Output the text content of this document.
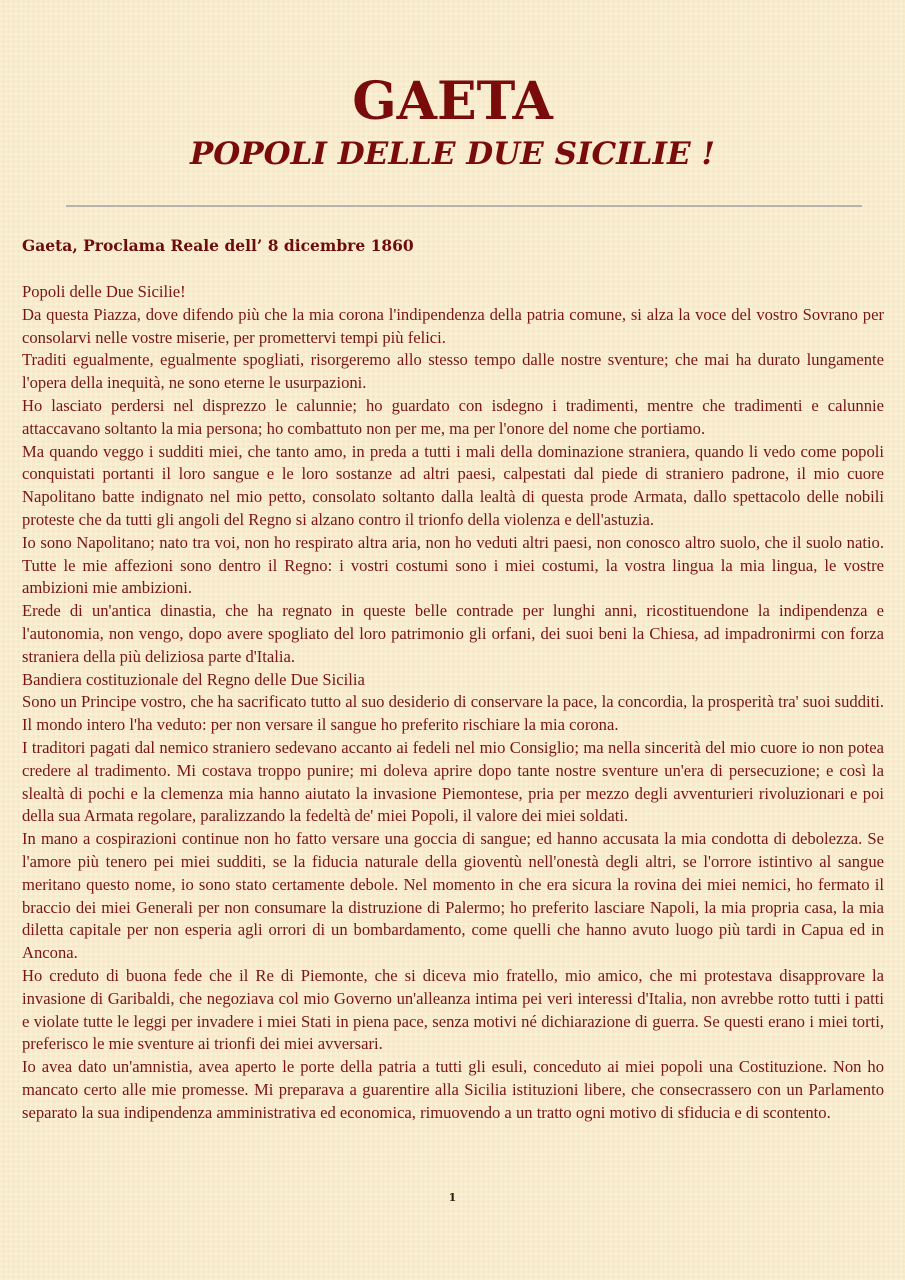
GAETA
POPOLI DELLE DUE SICILIE !
Gaeta, Proclama Reale dell’ 8 dicembre 1860

Popoli delle Due Sicilie!

Da questa Piazza, dove difendo più che la mia corona l'indipendenza della patria comune, si alza la voce del vostro Sovrano per consolarvi nelle vostre miserie, per promettervi tempi più felici.

Traditi egualmente, egualmente spogliati, risorgeremo allo stesso tempo dalle nostre sventure; che mai ha durato lungamente l'opera della inequità, ne sono eterne le usurpazioni.

Ho lasciato perdersi nel disprezzo le calunnie; ho guardato con isdegno i tradimenti, mentre che tradimenti e calunnie attaccavano soltanto la mia persona; ho combattuto non per me, ma per l'onore del nome che portiamo.

Ma quando veggo i sudditi miei, che tanto amo, in preda a tutti i mali della dominazione straniera, quando li vedo come popoli conquistati portanti il loro sangue e le loro sostanze ad altri paesi, calpestati dal piede di straniero padrone, il mio cuore Napolitano batte indignato nel mio petto, consolato soltanto dalla lealtà di questa prode Armata, dallo spettacolo delle nobili proteste che da tutti gli angoli del Regno si alzano contro il trionfo della violenza e dell'astuzia.

Io sono Napolitano; nato tra voi, non ho respirato altra aria, non ho veduti altri paesi, non conosco altro suolo, che il suolo natio. Tutte le mie affezioni sono dentro il Regno: i vostri costumi sono i miei costumi, la vostra lingua la mia lingua, le vostre ambizioni mie ambizioni.

Erede di un'antica dinastia, che ha regnato in queste belle contrade per lunghi anni, ricostituendone la indipendenza e l'autonomia, non vengo, dopo avere spogliato del loro patrimonio gli orfani, dei suoi beni la Chiesa, ad impadronirmi con forza straniera della più deliziosa parte d'Italia.

Bandiera costituzionale del Regno delle Due Sicilia

Sono un Principe vostro, che ha sacrificato tutto al suo desiderio di conservare la pace, la concordia, la prosperità tra' suoi sudditi. Il mondo intero l'ha veduto: per non versare il sangue ho preferito rischiare la mia corona.

I traditori pagati dal nemico straniero sedevano accanto ai fedeli nel mio Consiglio; ma nella sincerità del mio cuore io non potea credere al tradimento. Mi costava troppo punire; mi doleva aprire dopo tante nostre sventure un'era di persecuzione; e così la slealtà di pochi e la clemenza mia hanno aiutato la invasione Piemontese, pria per mezzo degli avventurieri rivoluzionari e poi della sua Armata regolare, paralizzando la fedeltà de' miei Popoli, il valore dei miei soldati.

In mano a cospirazioni continue non ho fatto versare una goccia di sangue; ed hanno accusata la mia condotta di debolezza. Se l'amore più tenero pei miei sudditi, se la fiducia naturale della gioventù nell'onestà degli altri, se l'orrore istintivo al sangue meritano questo nome, io sono stato certamente debole. Nel momento in che era sicura la rovina dei miei nemici, ho fermato il braccio dei miei Generali per non consumare la distruzione di Palermo; ho preferito lasciare Napoli, la mia propria casa, la mia diletta capitale per non esperia agli orrori di un bombardamento, come quelli che hanno avuto luogo più tardi in Capua ed in Ancona.

Ho creduto di buona fede che il Re di Piemonte, che si diceva mio fratello, mio amico, che mi protestava disapprovare la invasione di Garibaldi, che negoziava col mio Governo un'alleanza intima pei veri interessi d'Italia, non avrebbe rotto tutti i patti e violate tutte le leggi per invadere i miei Stati in piena pace, senza motivi né dichiarazione di guerra. Se questi erano i miei torti, preferisco le mie sventure ai trionfi dei miei avversari.

Io avea dato un'amnistia, avea aperto le porte della patria a tutti gli esuli, conceduto ai miei popoli una Costituzione. Non ho mancato certo alle mie promesse. Mi preparava a guarentire alla Sicilia istituzioni libere, che consecrassero con un Parlamento separato la sua indipendenza amministrativa ed economica, rimuovendo a un tratto ogni motivo di sfiducia e di scontento.

1
